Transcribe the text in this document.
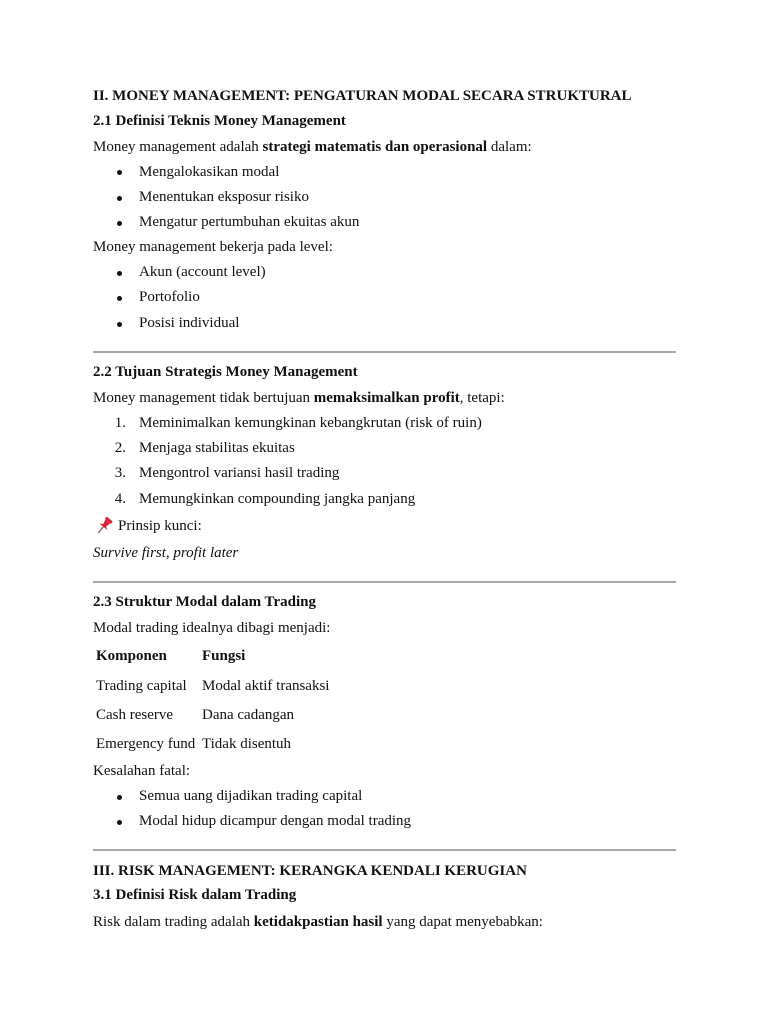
II. MONEY MANAGEMENT: PENGATURAN MODAL SECARA STRUKTURAL
2.1 Definisi Teknis Money Management
Money management adalah strategi matematis dan operasional dalam:
Mengalokasikan modal
Menentukan eksposur risiko
Mengatur pertumbuhan ekuitas akun
Money management bekerja pada level:
Akun (account level)
Portofolio
Posisi individual
2.2 Tujuan Strategis Money Management
Money management tidak bertujuan memaksimalkan profit, tetapi:
1. Meminimalkan kemungkinan kebangkrutan (risk of ruin)
2. Menjaga stabilitas ekuitas
3. Mengontrol variansi hasil trading
4. Memungkinkan compounding jangka panjang
Prinsip kunci:
Survive first, profit later
2.3 Struktur Modal dalam Trading
Modal trading idealnya dibagi menjadi:
Komponen Fungsi
Trading capital Modal aktif transaksi
Cash reserve Dana cadangan
Emergency fund Tidak disentuh
Kesalahan fatal:
Semua uang dijadikan trading capital
Modal hidup dicampur dengan modal trading
III. RISK MANAGEMENT: KERANGKA KENDALI KERUGIAN
3.1 Definisi Risk dalam Trading
Risk dalam trading adalah ketidakpastian hasil yang dapat menyebabkan:
